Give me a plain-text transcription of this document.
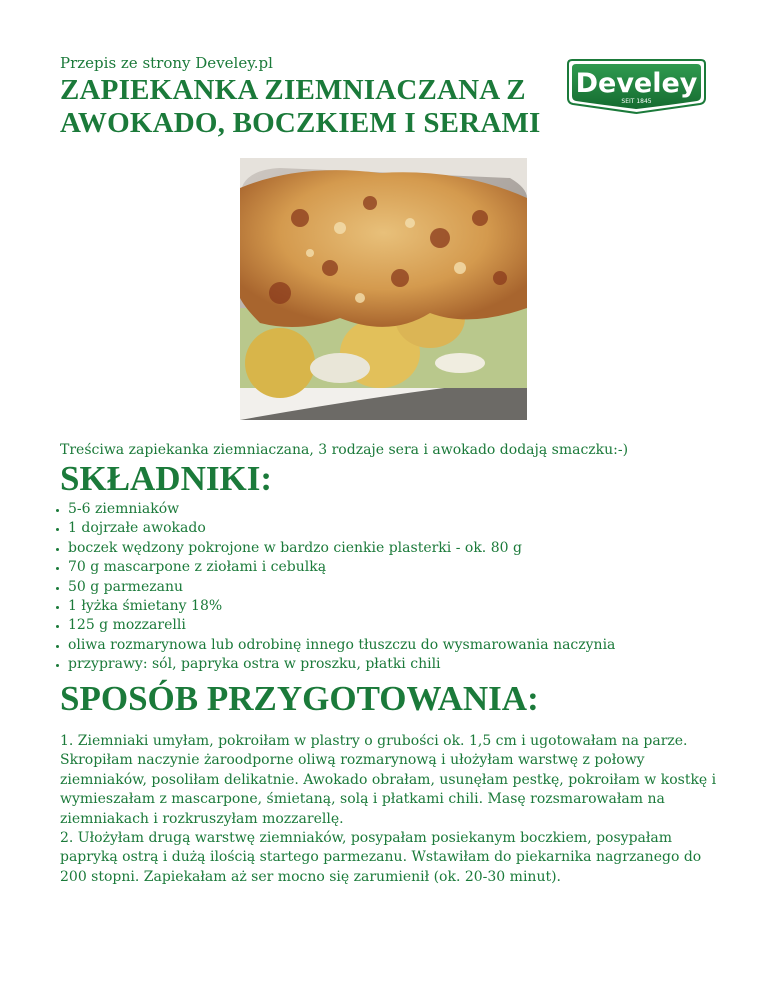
Przepis ze strony Develey.pl
ZAPIEKANKA ZIEMNIACZANA Z AWOKADO, BOCZKIEM I SERAMI
Develey
SEIT 1845
Treściwa zapiekanka ziemniaczana, 3 rodzaje sera i awokado dodają smaczku:-)
SKŁADNIKI:
• 5-6 ziemniaków
• 1 dojrzałe awokado
• boczek wędzony pokrojone w bardzo cienkie plasterki - ok. 80 g
• 70 g mascarpone z ziołami i cebulką
• 50 g parmezanu
• 1 łyżka śmietany 18%
• 125 g mozzarelli
• oliwa rozmarynowa lub odrobinę innego tłuszczu do wysmarowania naczynia
• przyprawy: sól, papryka ostra w proszku, płatki chili
SPOSÓB PRZYGOTOWANIA:

1. Ziemniaki umyłam, pokroiłam w plastry o grubości ok. 1,5 cm i ugotowałam na parze. Skropiłam naczynie żaroodporne oliwą rozmarynową i ułożyłam warstwę z połowy ziemniaków, posoliłam delikatnie. Awokado obrałam, usunęłam pestkę, pokroiłam w kostkę i wymieszałam z mascarpone, śmietaną, solą i płatkami chili. Masę rozsmarowałam na ziemniakach i rozkruszyłam mozzarellę.

2. Ułożyłam drugą warstwę ziemniaków, posypałam posiekanym boczkiem, posypałam papryką ostrą i dużą ilością startego parmezanu. Wstawiłam do piekarnika nagrzanego do 200 stopni. Zapiekałam aż ser mocno się zarumienił (ok. 20-30 minut).
